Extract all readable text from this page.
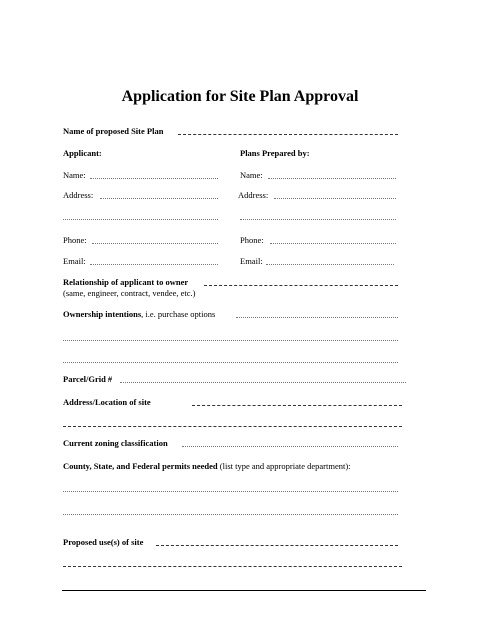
Application for Site Plan Approval
Name of proposed Site Plan
Applicant:	Plans Prepared by:
Name:	Name:
Address:	Address:
Phone:	Phone:
Email:	Email:
Relationship of applicant to owner
(same, engineer, contract, vendee, etc.)
Ownership intentions, i.e. purchase options
Parcel/Grid #
Address/Location of site
Current zoning classification
County, State, and Federal permits needed (list type and appropriate department):
Proposed use(s) of site
